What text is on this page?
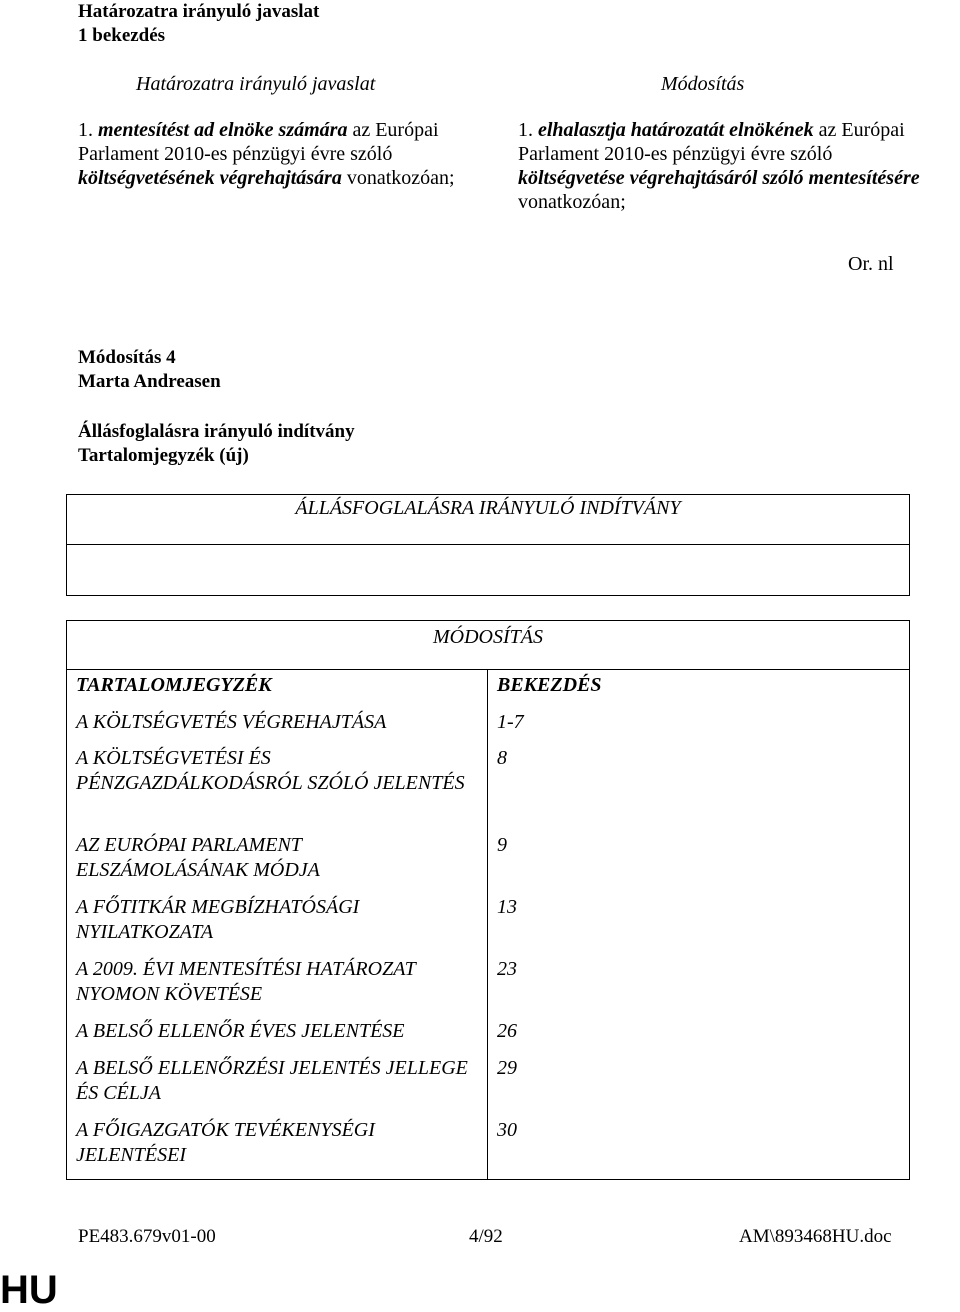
Határozatra irányuló javaslat
1 bekezdés
Határozatra irányuló javaslat	Módosítás
1. mentesítést ad elnöke számára az Európai Parlament 2010-es pénzügyi évre szóló költségvetésének végrehajtására vonatkozóan;
1. elhalasztja határozatát elnökének az Európai Parlament 2010-es pénzügyi évre szóló költségvetése végrehajtásáról szóló mentesítésére vonatkozóan;
Or. nl
Módosítás 4
Marta Andreasen
Állásfoglalásra irányuló indítvány
Tartalomjegyzék (új)
ÁLLÁSFOGLALÁSRA IRÁNYULÓ INDÍTVÁNY
MÓDOSÍTÁS
TARTALOMJEGYZÉK	BEKEZDÉS
A KÖLTSÉGVETÉS VÉGREHAJTÁSA	1-7
A KÖLTSÉGVETÉSI ÉS PÉNZGAZDÁLKODÁSRÓL SZÓLÓ JELENTÉS
8
AZ EURÓPAI PARLAMENT ELSZÁMOLÁSÁNAK MÓDJA
9
A FŐTITKÁR MEGBÍZHATÓSÁGI NYILATKOZATA
13
A 2009. ÉVI MENTESÍTÉSI HATÁROZAT NYOMON KÖVETÉSE
23
A BELSŐ ELLENŐR ÉVES JELENTÉSE	26
A BELSŐ ELLENŐRZÉSI JELENTÉS JELLEGE ÉS CÉLJA
29
A FŐIGAZGATÓK TEVÉKENYSÉGI JELENTÉSEI
30
PE483.679v01-00	4/92	AM\893468HU.doc
HU
